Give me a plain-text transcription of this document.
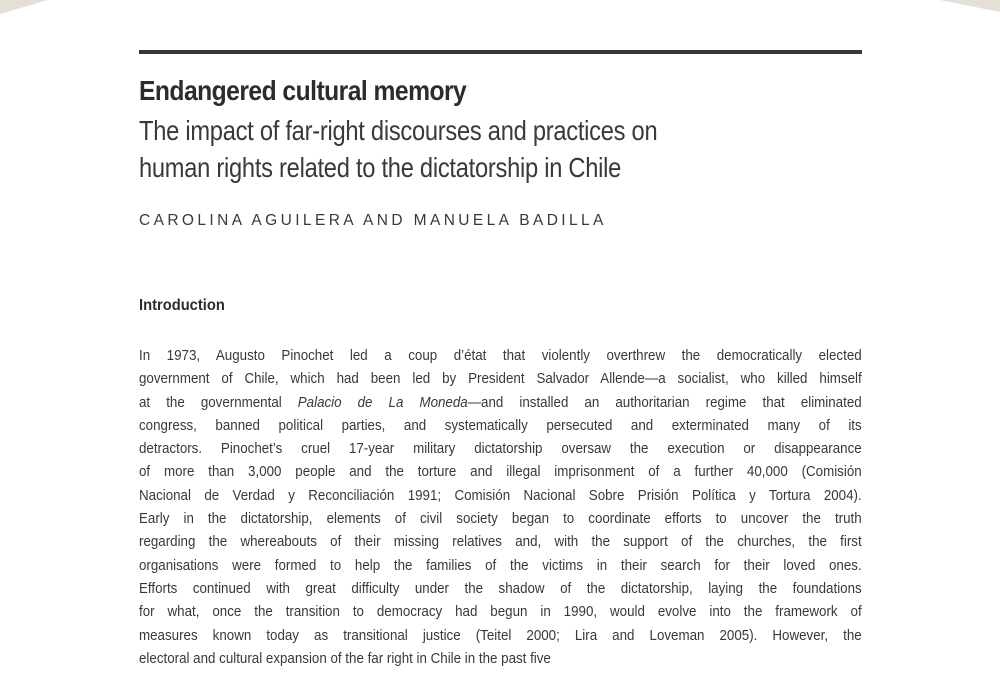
Endangered cultural memory
The impact of far-right discourses and practices on
human rights related to the dictatorship in Chile
CAROLINA AGUILERA AND MANUELA BADILLA
Introduction
In 1973, Augusto Pinochet led a coup d’état that violently overthrew the democratically elected
government of Chile, which had been led by President Salvador Allende—a socialist, who killed himself
at the governmental Palacio de La Moneda—and installed an authoritarian regime that eliminated
congress, banned political parties, and systematically persecuted and exterminated many of its
detractors. Pinochet’s cruel 17-year military dictatorship oversaw the execution or disappearance
of more than 3,000 people and the torture and illegal imprisonment of a further 40,000 (Comisión
Nacional de Verdad y Reconciliación 1991; Comisión Nacional Sobre Prisión Política y Tortura 2004).
Early in the dictatorship, elements of civil society began to coordinate efforts to uncover the truth
regarding the whereabouts of their missing relatives and, with the support of the churches, the first
organisations were formed to help the families of the victims in their search for their loved ones.
Efforts continued with great difficulty under the shadow of the dictatorship, laying the foundations
for what, once the transition to democracy had begun in 1990, would evolve into the framework of
measures known today as transitional justice (Teitel 2000; Lira and Loveman 2005). However, the
electoral and cultural expansion of the far right in Chile in the past five
